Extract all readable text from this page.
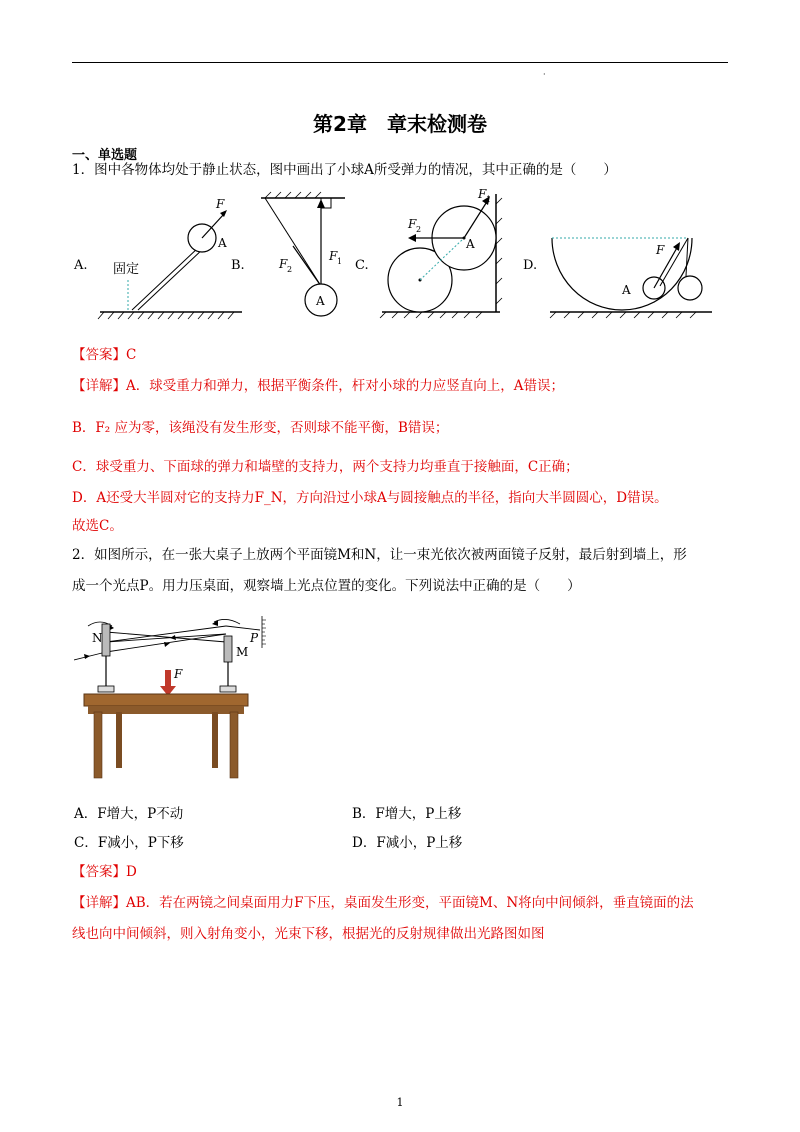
·
第2章　章末检测卷
一、单选题
1．图中各物体均处于静止状态，图中画出了小球A所受弹力的情况，其中正确的是（　　）
A. 固定	B.	C.	D.
F
A
A
F 1
F 2
F 1
F 2
A	F
A
【答案】C
【详解】A．球受重力和弹力，根据平衡条件，杆对小球的力应竖直向上，A错误；
B．F₂ 应为零，该绳没有发生形变，否则球不能平衡，B错误；
C．球受重力、下面球的弹力和墙壁的支持力，两个支持力均垂直于接触面，C正确；
D．A还受大半圆对它的支持力F_N，方向沿过小球A与圆接触点的半径，指向大半圆圆心，D错误。
故选C。
2．如图所示，在一张大桌子上放两个平面镜M和N，让一束光依次被两面镜子反射，最后射到墙上，形
成一个光点P。用力压桌面，观察墙上光点位置的变化。下列说法中正确的是（　　）
N
M
P
F
A．F增大，P不动	B．F增大，P上移
C．F减小，P下移	D．F减小，P上移
【答案】D
【详解】AB．若在两镜之间桌面用力F下压，桌面发生形变，平面镜M、N将向中间倾斜，垂直镜面的法
线也向中间倾斜，则入射角变小，光束下移，根据光的反射规律做出光路图如图
1
